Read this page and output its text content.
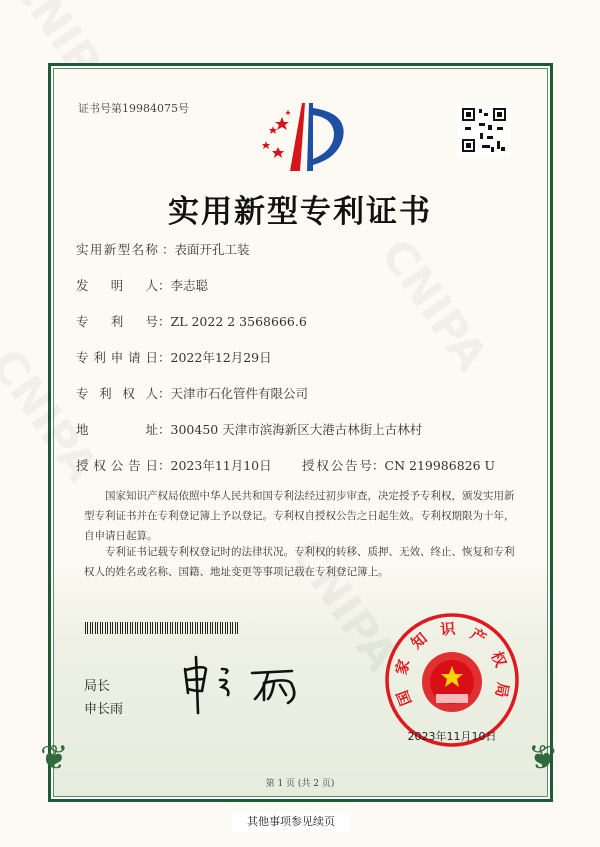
证书号第19984075号
实用新型专利证书
实用新型名称 ：表面开孔工装
发明人：李志聪
专利号：ZL 2022 2 3568666.6
专利申请日：2022年12月29日
专利权人：天津市石化管件有限公司
地址：300450 天津市滨海新区大港古林街上古林村
授权公告日：2023年11月10日 授权公告号：CN 219986826 U
国家知识产权局依照中华人民共和国专利法经过初步审查，决定授予专利权，颁发实用新型专利证书并在专利登记簿上予以登记。专利权自授权公告之日起生效。专利权期限为十年，自申请日起算。
专利证书记载专利权登记时的法律状况。专利权的转移、质押、无效、终止、恢复和专利权人的姓名或名称、国籍、地址变更等事项记载在专利登记簿上。
局长
申长雨
国家知识产权局
2023年11月10日
❦	❦
第 1 页 (共 2 页)
其他事项参见续页
